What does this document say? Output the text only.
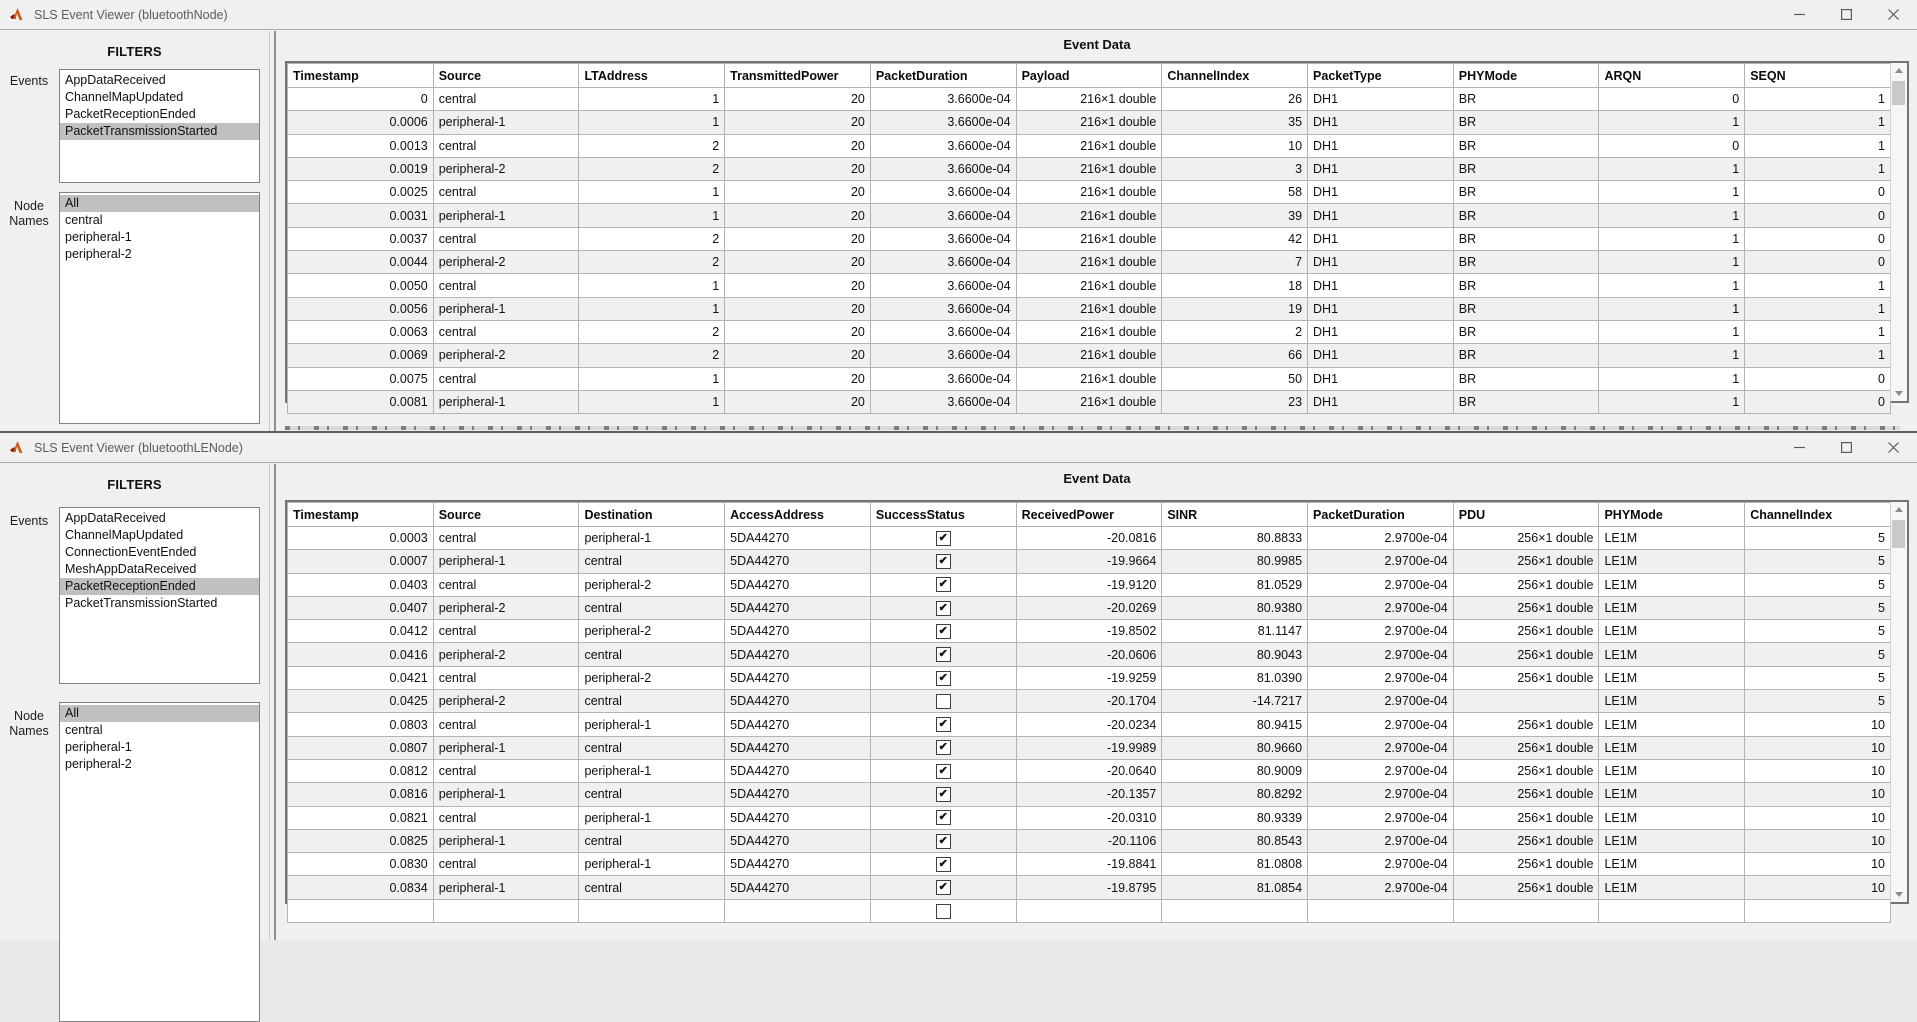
SLS Event Viewer (bluetoothNode)
FILTERS
Events	AppDataReceived
ChannelMapUpdated
PacketReceptionEnded
PacketTransmissionStarted
Node
Names
All
central
peripheral-1
peripheral-2
Event Data
Timestamp	Source	LTAddress	TransmittedPower	PacketDuration	Payload	ChannelIndex	PacketType	PHYMode	ARQN	SEQN
0	central	1	20	3.6600e-04	216×1 double	26	DH1	BR	0	1
0.0006	peripheral-1	1	20	3.6600e-04	216×1 double	35	DH1	BR	1	1
0.0013	central	2	20	3.6600e-04	216×1 double	10	DH1	BR	0	1
0.0019	peripheral-2	2	20	3.6600e-04	216×1 double	3	DH1	BR	1	1
0.0025	central	1	20	3.6600e-04	216×1 double	58	DH1	BR	1	0
0.0031	peripheral-1	1	20	3.6600e-04	216×1 double	39	DH1	BR	1	0
0.0037	central	2	20	3.6600e-04	216×1 double	42	DH1	BR	1	0
0.0044	peripheral-2	2	20	3.6600e-04	216×1 double	7	DH1	BR	1	0
0.0050	central	1	20	3.6600e-04	216×1 double	18	DH1	BR	1	1
0.0056	peripheral-1	1	20	3.6600e-04	216×1 double	19	DH1	BR	1	1
0.0063	central	2	20	3.6600e-04	216×1 double	2	DH1	BR	1	1
0.0069	peripheral-2	2	20	3.6600e-04	216×1 double	66	DH1	BR	1	1
0.0075	central	1	20	3.6600e-04	216×1 double	50	DH1	BR	1	0
0.0081	peripheral-1	1	20	3.6600e-04	216×1 double	23	DH1	BR	1	0
SLS Event Viewer (bluetoothLENode)
FILTERS
Events	AppDataReceived
ChannelMapUpdated
ConnectionEventEnded
MeshAppDataReceived
PacketReceptionEnded
PacketTransmissionStarted
Node
Names
All
central
peripheral-1
peripheral-2
Event Data
Timestamp	Source	Destination	AccessAddress	SuccessStatus	ReceivedPower	SINR	PacketDuration	PDU	PHYMode	ChannelIndex
0.0003	central	peripheral-1	5DA44270	✔	-20.0816	80.8833	2.9700e-04	256×1 double	LE1M	5
0.0007	peripheral-1	central	5DA44270	✔	-19.9664	80.9985	2.9700e-04	256×1 double	LE1M	5
0.0403	central	peripheral-2	5DA44270	✔	-19.9120	81.0529	2.9700e-04	256×1 double	LE1M	5
0.0407	peripheral-2	central	5DA44270	✔	-20.0269	80.9380	2.9700e-04	256×1 double	LE1M	5
0.0412	central	peripheral-2	5DA44270	✔	-19.8502	81.1147	2.9700e-04	256×1 double	LE1M	5
0.0416	peripheral-2	central	5DA44270	✔	-20.0606	80.9043	2.9700e-04	256×1 double	LE1M	5
0.0421	central	peripheral-2	5DA44270	✔	-19.9259	81.0390	2.9700e-04	256×1 double	LE1M	5
0.0425	peripheral-2	central	5DA44270		-20.1704	-14.7217	2.9700e-04		LE1M	5
0.0803	central	peripheral-1	5DA44270	✔	-20.0234	80.9415	2.9700e-04	256×1 double	LE1M	10
0.0807	peripheral-1	central	5DA44270	✔	-19.9989	80.9660	2.9700e-04	256×1 double	LE1M	10
0.0812	central	peripheral-1	5DA44270	✔	-20.0640	80.9009	2.9700e-04	256×1 double	LE1M	10
0.0816	peripheral-1	central	5DA44270	✔	-20.1357	80.8292	2.9700e-04	256×1 double	LE1M	10
0.0821	central	peripheral-1	5DA44270	✔	-20.0310	80.9339	2.9700e-04	256×1 double	LE1M	10
0.0825	peripheral-1	central	5DA44270	✔	-20.1106	80.8543	2.9700e-04	256×1 double	LE1M	10
0.0830	central	peripheral-1	5DA44270	✔	-19.8841	81.0808	2.9700e-04	256×1 double	LE1M	10
0.0834	peripheral-1	central	5DA44270	✔	-19.8795	81.0854	2.9700e-04	256×1 double	LE1M	10
